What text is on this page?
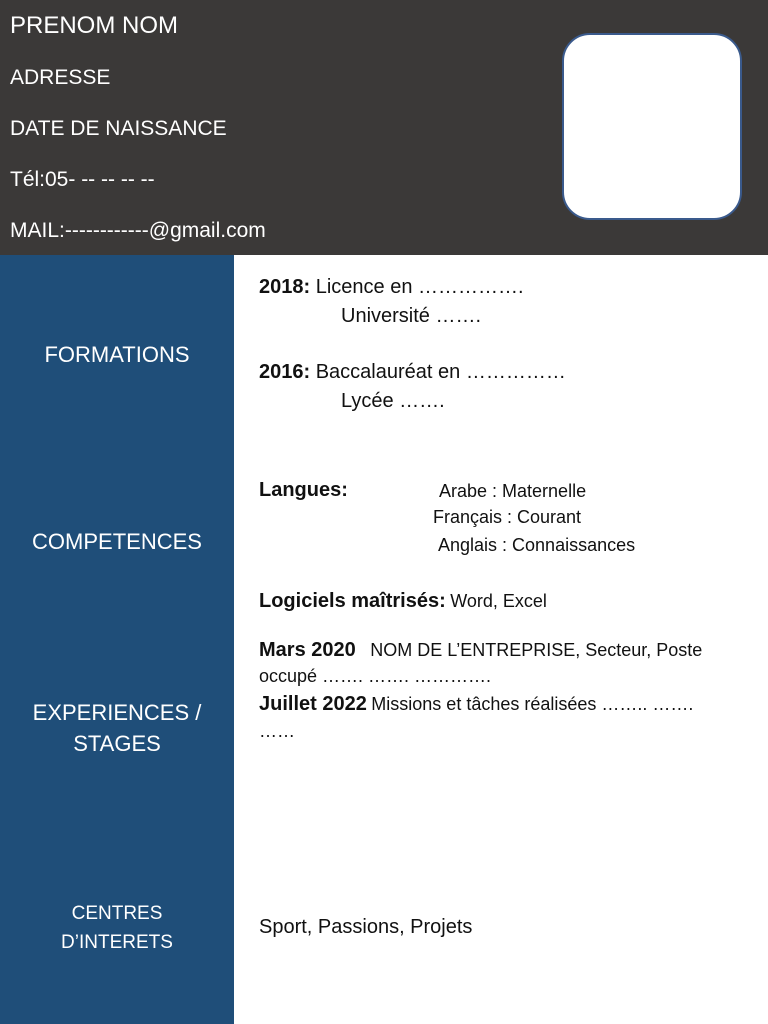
PRENOM NOM
ADRESSE
DATE DE NAISSANCE
Tél:05- -- -- -- --
MAIL:------------@gmail.com
FORMATIONS
COMPETENCES
EXPERIENCES /
STAGES
CENTRES
D’INTERETS
2018: Licence en …………….
Université …….
2016: Baccalauréat en ……………
Lycée …….
Langues:	Arabe : Maternelle
Français : Courant
Anglais : Connaissances
Logiciels maîtrisés: Word, Excel
Mars 2020 NOM DE L’ENTREPRISE, Secteur, Poste
occupé ……. ……. ………….
Juillet 2022 Missions et tâches réalisées …….. …….
……
Sport, Passions, Projets
